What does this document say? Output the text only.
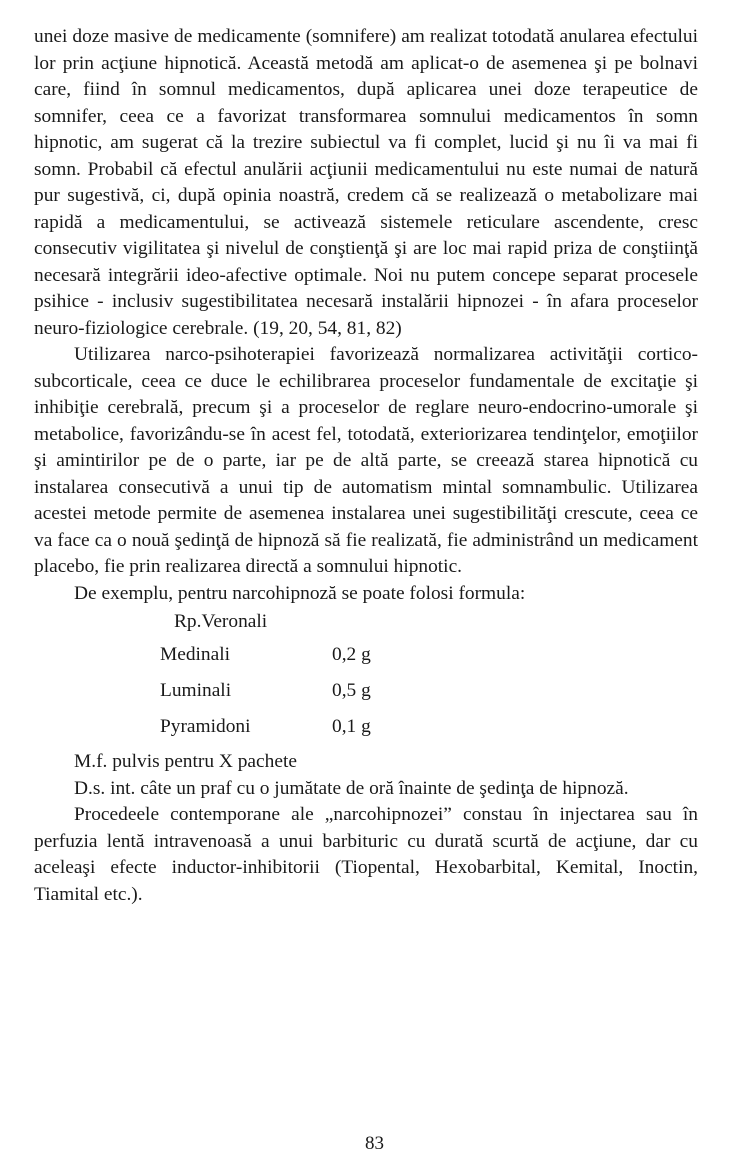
unei doze masive de medicamente (somnifere) am realizat totodată anularea efectului lor prin acţiune hipnotică. Această metodă am aplicat-o de asemenea şi pe bolnavi care, fiind în somnul medicamentos, după aplicarea unei doze terapeutice de somnifer, ceea ce a favorizat transformarea somnului medicamentos în somn hipnotic, am sugerat că la trezire subiectul va fi complet, lucid şi nu îi va mai fi somn. Probabil că efectul anulării acţiunii medicamentului nu este numai de natură pur sugestivă, ci, după opinia noastră, credem că se realizează o metabolizare mai rapidă a medicamentului, se activează sistemele reticulare ascendente, cresc consecutiv vigilitatea şi nivelul de conştienţă şi are loc mai rapid priza de conştiinţă necesară integrării ideo-afective optimale. Noi nu putem concepe separat procesele psihice - inclusiv sugestibilitatea necesară instalării hipnozei - în afara proceselor neuro-fiziologice cerebrale. (19, 20, 54, 81, 82)

Utilizarea narco-psihoterapiei favorizează normalizarea activităţii cortico-subcorticale, ceea ce duce le echilibrarea proceselor fundamentale de excitaţie şi inhibiţie cerebrală, precum şi a proceselor de reglare neuro-endocrino-umorale şi metabolice, favorizându-se în acest fel, totodată, exteriorizarea tendinţelor, emoţiilor şi amintirilor pe de o parte, iar pe de altă parte, se creează starea hipnotică cu instalarea consecutivă a unui tip de automatism mintal somnambulic. Utilizarea acestei metode permite de asemenea instalarea unei sugestibilităţi crescute, ceea ce va face ca o nouă şedinţă de hipnoză să fie realizată, fie administrând un medicament placebo, fie prin realizarea directă a somnului hipnotic.

De exemplu, pentru narcohipnoză se poate folosi formula:

Rp.Veronali
Medinali	0,2 g
Luminali	0,5 g
Pyramidoni	0,1 g

M.f. pulvis pentru X pachete

D.s. int. câte un praf cu o jumătate de oră înainte de şedinţa de hipnoză.

Procedeele contemporane ale „narcohipnozei” constau în injectarea sau în perfuzia lentă intravenoasă a unui barbituric cu durată scurtă de acţiune, dar cu aceleaşi efecte inductor-inhibitorii (Tiopental, Hexobarbital, Kemital, Inoctin, Tiamital etc.).

83
